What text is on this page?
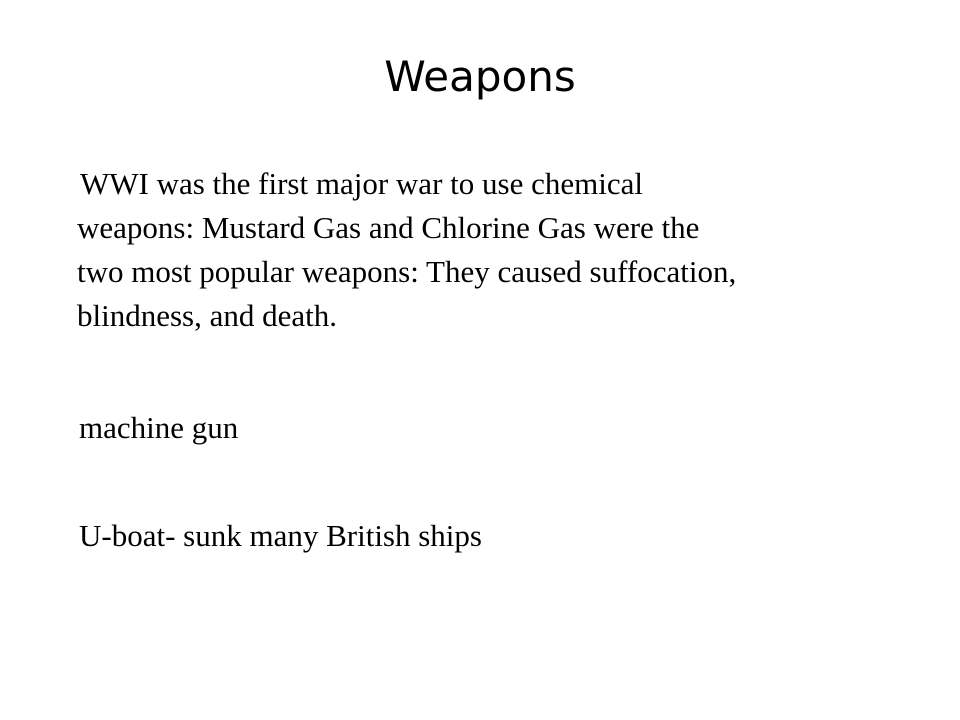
Weapons
WWI was the first major war to use chemical
weapons: Mustard Gas and Chlorine Gas were the
two most popular weapons: They caused suffocation,
blindness, and death.
machine gun
U-boat- sunk many British ships
